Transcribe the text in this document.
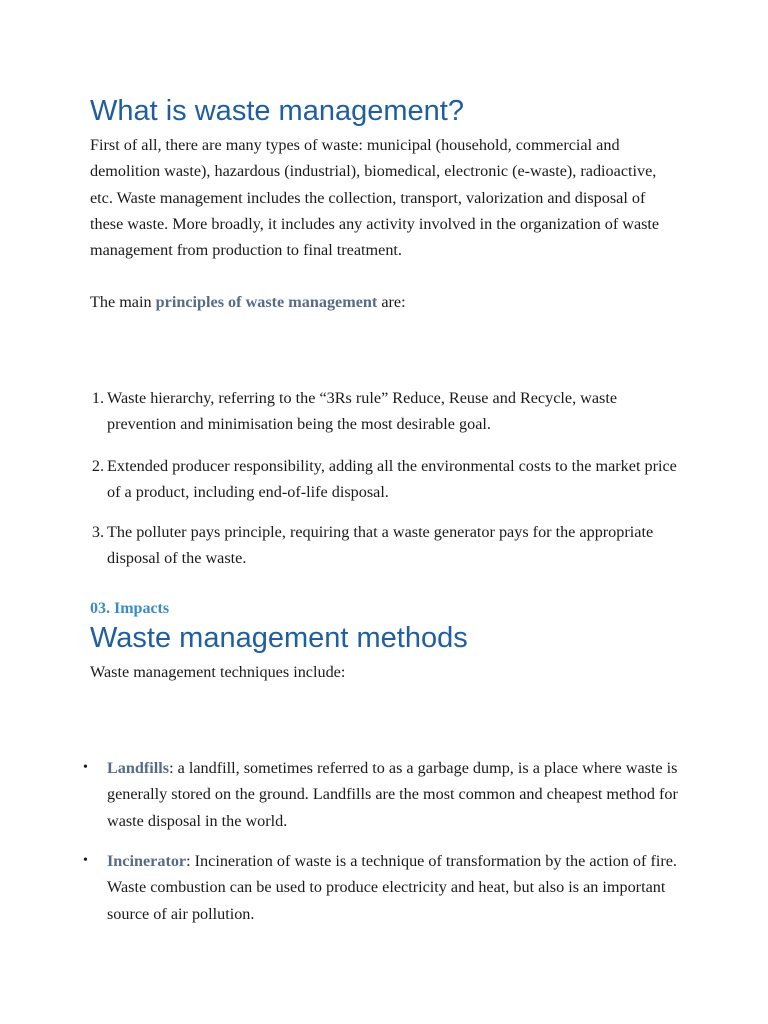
What is waste management?

First of all, there are many types of waste: municipal (household, commercial and demolition waste), hazardous (industrial), biomedical, electronic (e-waste), radioactive, etc. Waste management includes the collection, transport, valorization and disposal of these waste. More broadly, it includes any activity involved in the organization of waste management from production to final treatment.

The main principles of waste management are:

1. Waste hierarchy, referring to the “3Rs rule” Reduce, Reuse and Recycle, waste prevention and minimisation being the most desirable goal.
2. Extended producer responsibility, adding all the environmental costs to the market price of a product, including end-of-life disposal.
3. The polluter pays principle, requiring that a waste generator pays for the appropriate disposal of the waste.

03. Impacts

Waste management methods

Waste management techniques include:

•	Landfills: a landfill, sometimes referred to as a garbage dump, is a place where waste is generally stored on the ground. Landfills are the most common and cheapest method for waste disposal in the world.
•	Incinerator: Incineration of waste is a technique of transformation by the action of fire. Waste combustion can be used to produce electricity and heat, but also is an important source of air pollution.
